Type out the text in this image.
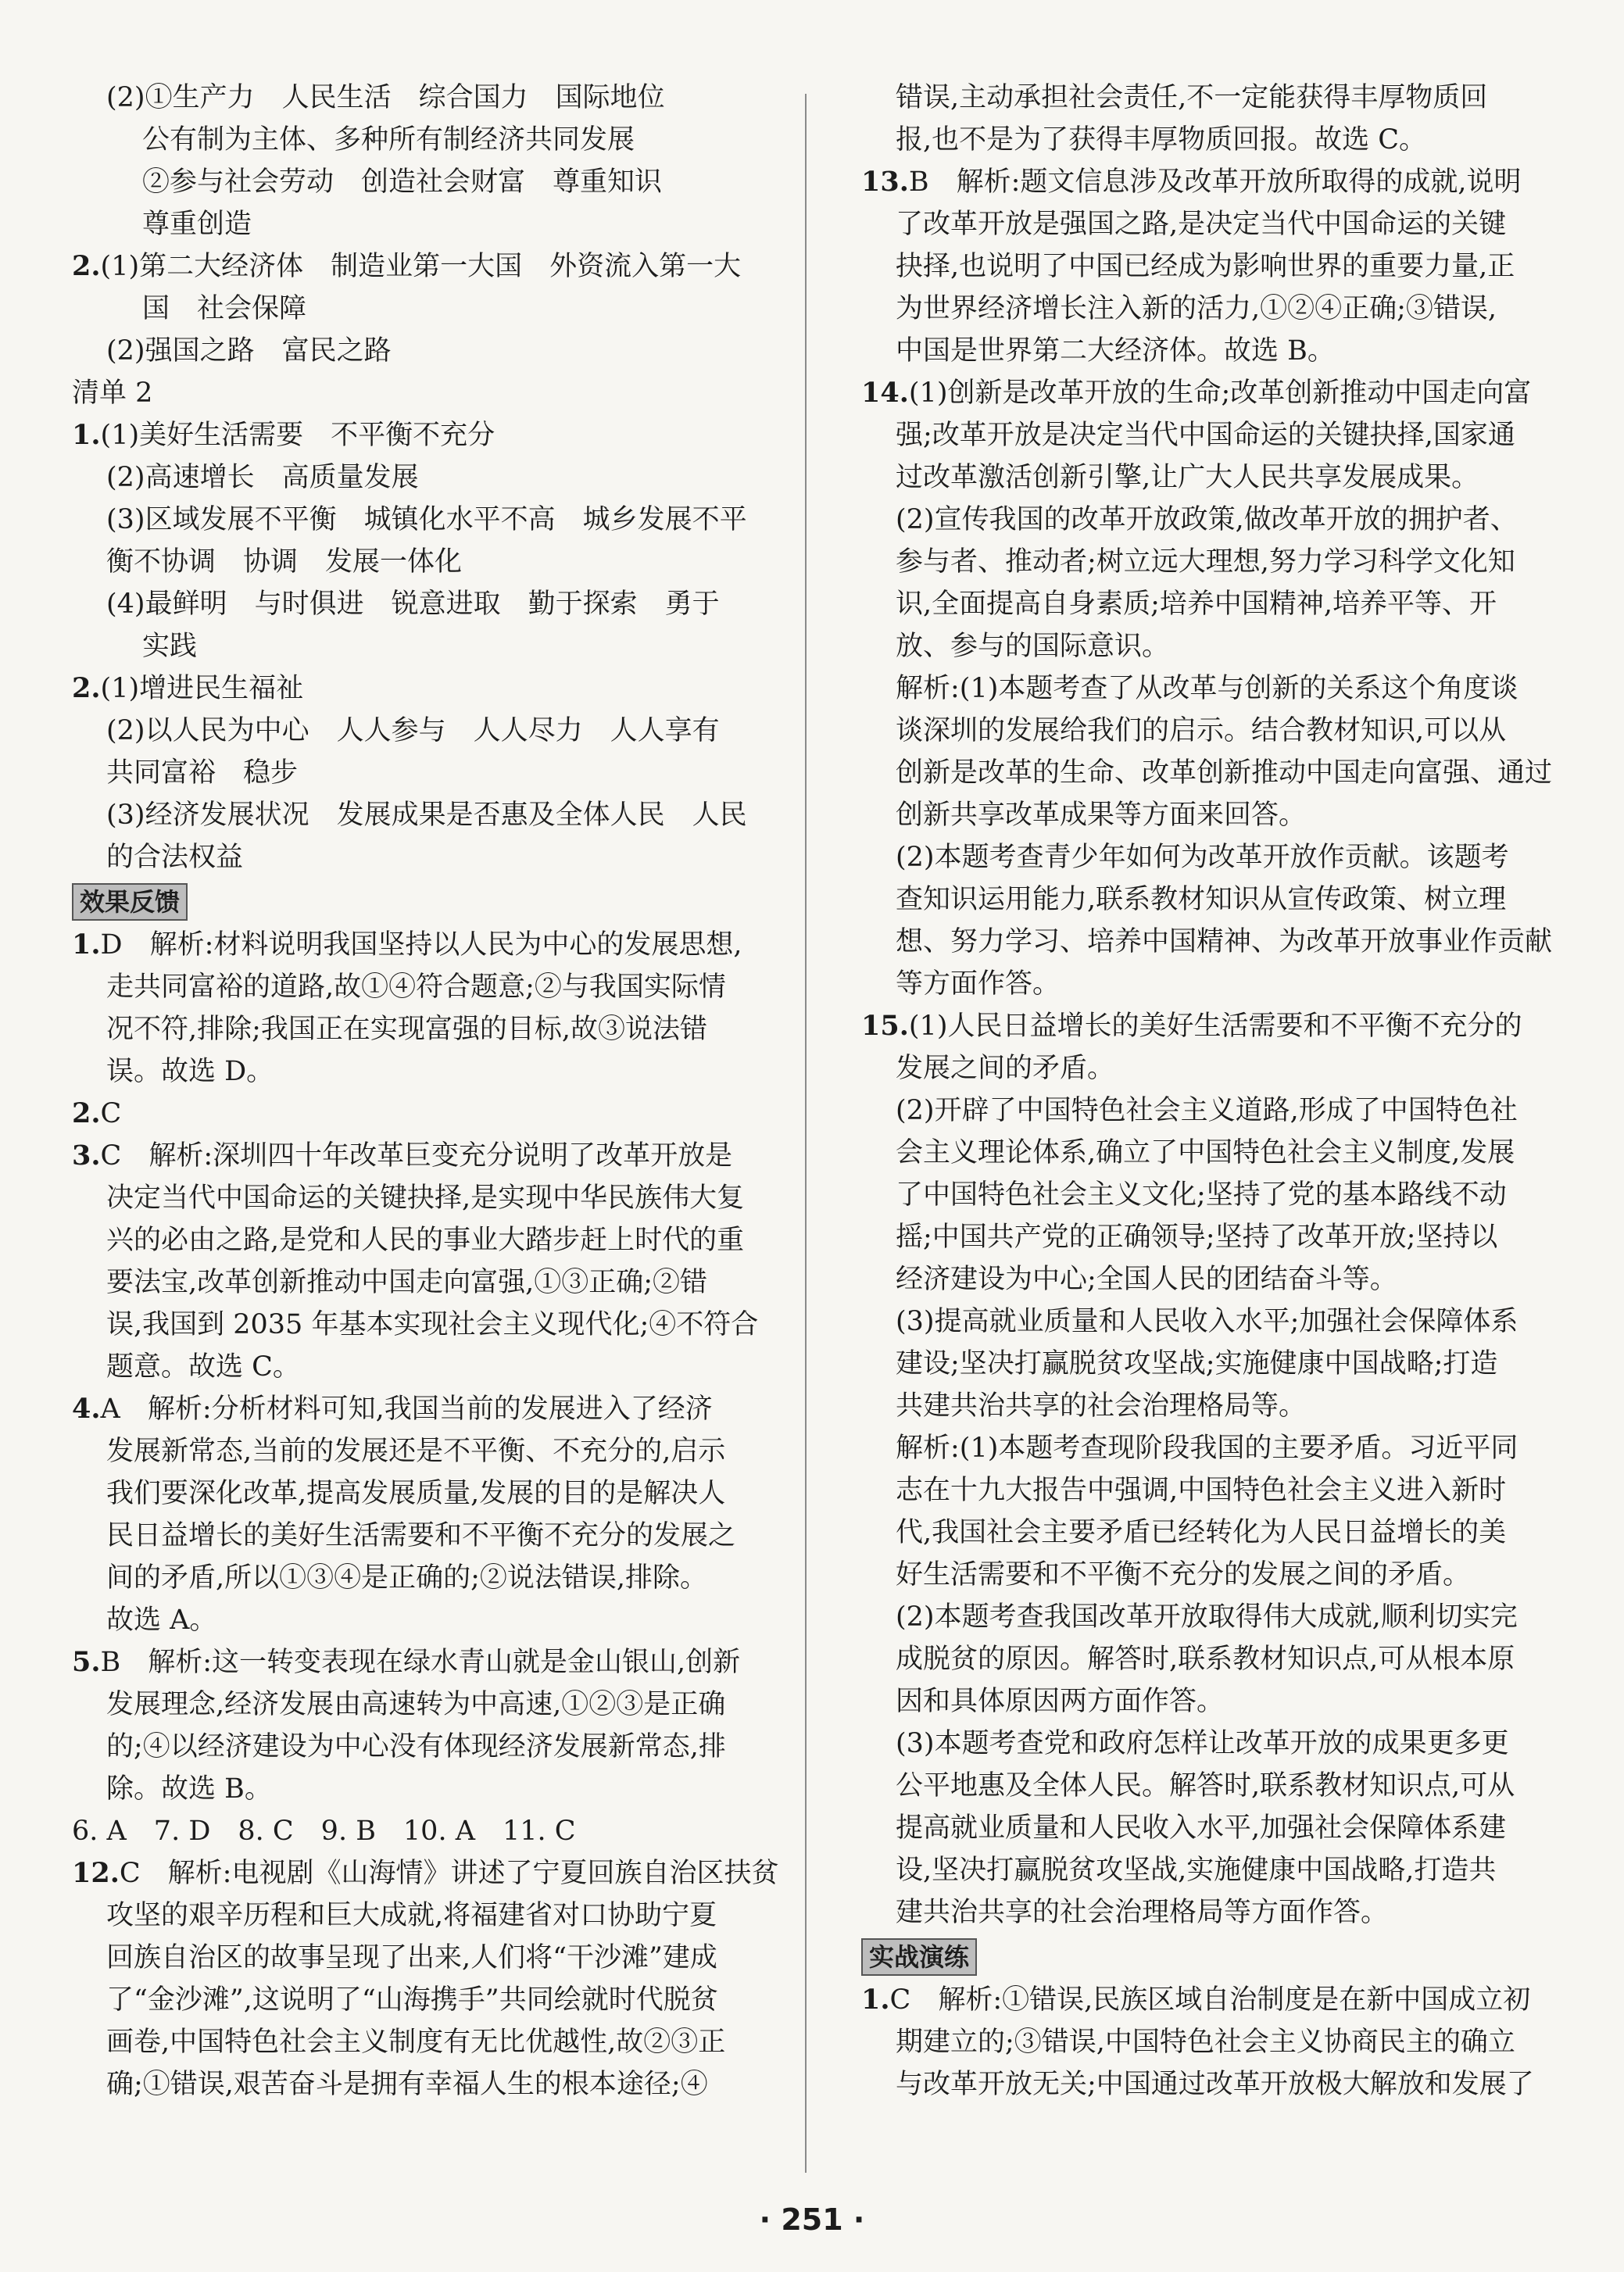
(2)①生产力　人民生活　综合国力　国际地位
公有制为主体、多种所有制经济共同发展
②参与社会劳动　创造社会财富　尊重知识
尊重创造
2.(1)第二大经济体　制造业第一大国　外资流入第一大
国　社会保障
(2)强国之路　富民之路
清单 2
1.(1)美好生活需要　不平衡不充分
(2)高速增长　高质量发展
(3)区域发展不平衡　城镇化水平不高　城乡发展不平
衡不协调　协调　发展一体化
(4)最鲜明　与时俱进　锐意进取　勤于探索　勇于
实践
2.(1)增进民生福祉
(2)以人民为中心　人人参与　人人尽力　人人享有
共同富裕　稳步
(3)经济发展状况　发展成果是否惠及全体人民　人民
的合法权益
效果反馈
1.D　解析:材料说明我国坚持以人民为中心的发展思想,
走共同富裕的道路,故①④符合题意;②与我国实际情
况不符,排除;我国正在实现富强的目标,故③说法错
误。故选 D。
2.C
3.C　解析:深圳四十年改革巨变充分说明了改革开放是
决定当代中国命运的关键抉择,是实现中华民族伟大复
兴的必由之路,是党和人民的事业大踏步赶上时代的重
要法宝,改革创新推动中国走向富强,①③正确;②错
误,我国到 2035 年基本实现社会主义现代化;④不符合
题意。故选 C。
4.A　解析:分析材料可知,我国当前的发展进入了经济
发展新常态,当前的发展还是不平衡、不充分的,启示
我们要深化改革,提高发展质量,发展的目的是解决人
民日益增长的美好生活需要和不平衡不充分的发展之
间的矛盾,所以①③④是正确的;②说法错误,排除。
故选 A。
5.B　解析:这一转变表现在绿水青山就是金山银山,创新
发展理念,经济发展由高速转为中高速,①②③是正确
的;④以经济建设为中心没有体现经济发展新常态,排
除。故选 B。
6. A　7. D　8. C　9. B　10. A　11. C
12.C　解析:电视剧《山海情》讲述了宁夏回族自治区扶贫
攻坚的艰辛历程和巨大成就,将福建省对口协助宁夏
回族自治区的故事呈现了出来,人们将“干沙滩”建成
了“金沙滩”,这说明了“山海携手”共同绘就时代脱贫
画卷,中国特色社会主义制度有无比优越性,故②③正
确;①错误,艰苦奋斗是拥有幸福人生的根本途径;④
错误,主动承担社会责任,不一定能获得丰厚物质回
报,也不是为了获得丰厚物质回报。故选 C。
13.B　解析:题文信息涉及改革开放所取得的成就,说明
了改革开放是强国之路,是决定当代中国命运的关键
抉择,也说明了中国已经成为影响世界的重要力量,正
为世界经济增长注入新的活力,①②④正确;③错误,
中国是世界第二大经济体。故选 B。
14.(1)创新是改革开放的生命;改革创新推动中国走向富
强;改革开放是决定当代中国命运的关键抉择,国家通
过改革激活创新引擎,让广大人民共享发展成果。
(2)宣传我国的改革开放政策,做改革开放的拥护者、
参与者、推动者;树立远大理想,努力学习科学文化知
识,全面提高自身素质;培养中国精神,培养平等、开
放、参与的国际意识。
解析:(1)本题考查了从改革与创新的关系这个角度谈
谈深圳的发展给我们的启示。结合教材知识,可以从
创新是改革的生命、改革创新推动中国走向富强、通过
创新共享改革成果等方面来回答。
(2)本题考查青少年如何为改革开放作贡献。该题考
查知识运用能力,联系教材知识从宣传政策、树立理
想、努力学习、培养中国精神、为改革开放事业作贡献
等方面作答。
15.(1)人民日益增长的美好生活需要和不平衡不充分的
发展之间的矛盾。
(2)开辟了中国特色社会主义道路,形成了中国特色社
会主义理论体系,确立了中国特色社会主义制度,发展
了中国特色社会主义文化;坚持了党的基本路线不动
摇;中国共产党的正确领导;坚持了改革开放;坚持以
经济建设为中心;全国人民的团结奋斗等。
(3)提高就业质量和人民收入水平;加强社会保障体系
建设;坚决打赢脱贫攻坚战;实施健康中国战略;打造
共建共治共享的社会治理格局等。
解析:(1)本题考查现阶段我国的主要矛盾。习近平同
志在十九大报告中强调,中国特色社会主义进入新时
代,我国社会主要矛盾已经转化为人民日益增长的美
好生活需要和不平衡不充分的发展之间的矛盾。
(2)本题考查我国改革开放取得伟大成就,顺利切实完
成脱贫的原因。解答时,联系教材知识点,可从根本原
因和具体原因两方面作答。
(3)本题考查党和政府怎样让改革开放的成果更多更
公平地惠及全体人民。解答时,联系教材知识点,可从
提高就业质量和人民收入水平,加强社会保障体系建
设,坚决打赢脱贫攻坚战,实施健康中国战略,打造共
建共治共享的社会治理格局等方面作答。
实战演练
1.C　解析:①错误,民族区域自治制度是在新中国成立初
期建立的;③错误,中国特色社会主义协商民主的确立
与改革开放无关;中国通过改革开放极大解放和发展了
· 251 ·
